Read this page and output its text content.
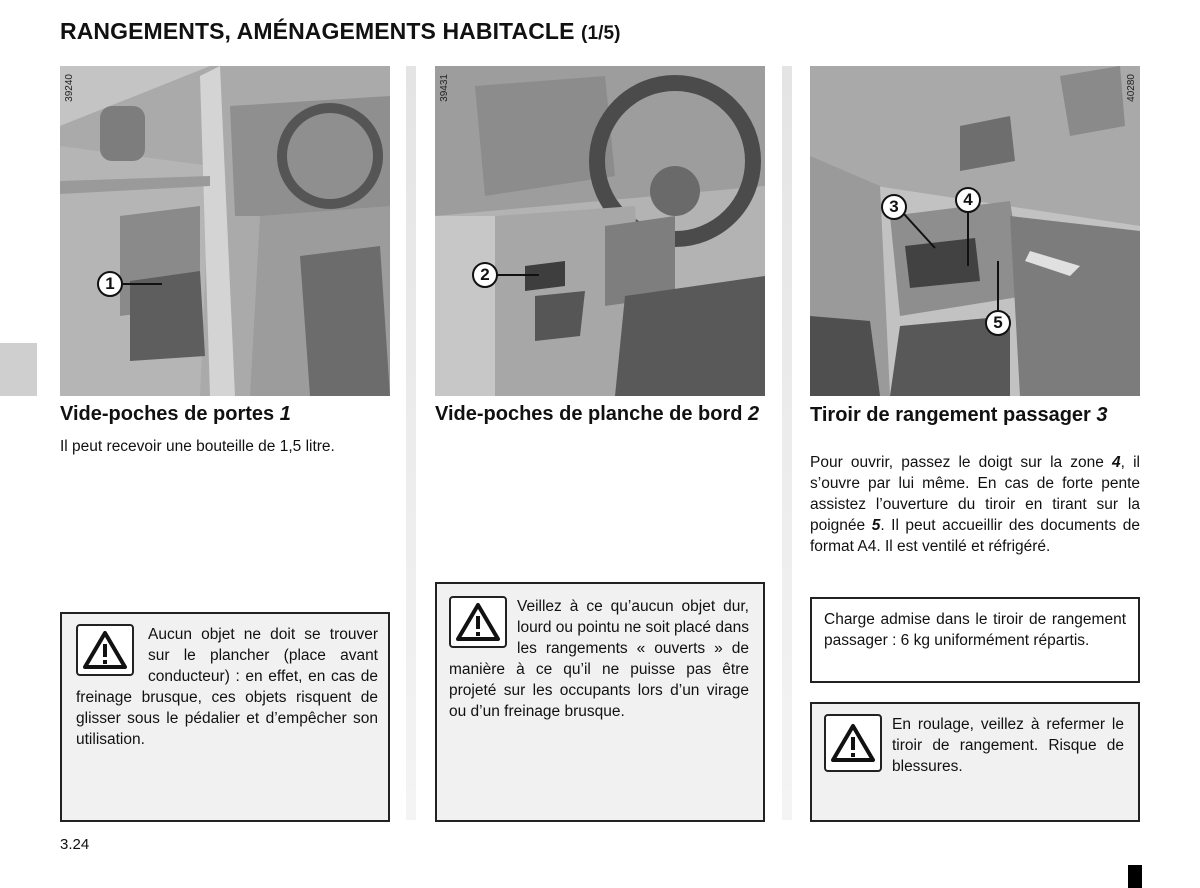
RANGEMENTS, AMÉNAGEMENTS HABITACLE (1/5)
39240
1
Vide-poches de portes 1
Il peut recevoir une bouteille de 1,5 litre.
Aucun objet ne doit se trouver sur le plancher (place avant conducteur) : en effet, en cas de freinage brusque, ces objets risquent de glisser sous le pédalier et d’empêcher son utilisation.
39431
2
Vide-poches de planche de bord 2
Veillez à ce qu’aucun objet dur, lourd ou pointu ne soit placé dans les rangements « ouverts » de manière à ce qu’il ne puisse pas être projeté sur les occupants lors d’un virage ou d’un freinage brusque.
40280
3	4
5
Tiroir de rangement passager 3
Pour ouvrir, passez le doigt sur la zone 4, il s’ouvre par lui même. En cas de forte pente assistez l’ouverture du tiroir en tirant sur la poignée 5. Il peut accueillir des documents de format A4. Il est ventilé et réfrigéré.
Charge admise dans le tiroir de rangement passager : 6 kg uniformément répartis.
En roulage, veillez à refermer le tiroir de rangement. Risque de blessures.
3.24
